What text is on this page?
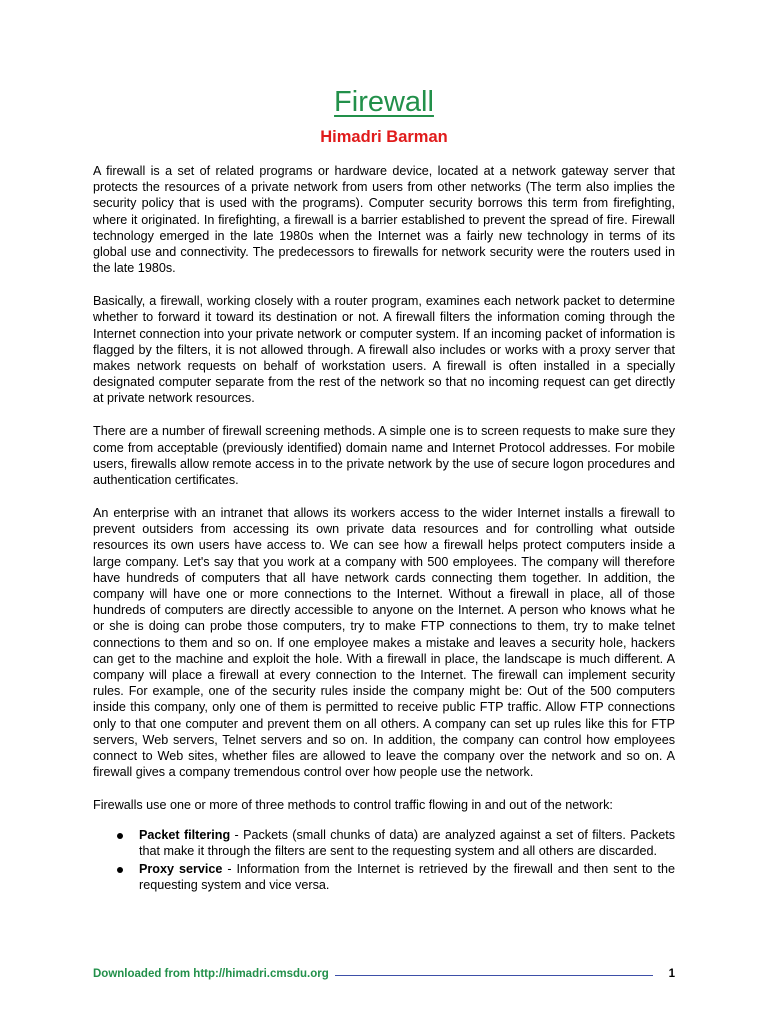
Firewall
Himadri Barman

A firewall is a set of related programs or hardware device, located at a network gateway server that protects the resources of a private network from users from other networks (The term also implies the security policy that is used with the programs). Computer security borrows this term from firefighting, where it originated. In firefighting, a firewall is a barrier established to prevent the spread of fire. Firewall technology emerged in the late 1980s when the Internet was a fairly new technology in terms of its global use and connectivity. The predecessors to firewalls for network security were the routers used in the late 1980s.

Basically, a firewall, working closely with a router program, examines each network packet to determine whether to forward it toward its destination or not. A firewall filters the information coming through the Internet connection into your private network or computer system. If an incoming packet of information is flagged by the filters, it is not allowed through. A firewall also includes or works with a proxy server that makes network requests on behalf of workstation users. A firewall is often installed in a specially designated computer separate from the rest of the network so that no incoming request can get directly at private network resources.

There are a number of firewall screening methods. A simple one is to screen requests to make sure they come from acceptable (previously identified) domain name and Internet Protocol addresses. For mobile users, firewalls allow remote access in to the private network by the use of secure logon procedures and authentication certificates.

An enterprise with an intranet that allows its workers access to the wider Internet installs a firewall to prevent outsiders from accessing its own private data resources and for controlling what outside resources its own users have access to. We can see how a firewall helps protect computers inside a large company. Let's say that you work at a company with 500 employees. The company will therefore have hundreds of computers that all have network cards connecting them together. In addition, the company will have one or more connections to the Internet. Without a firewall in place, all of those hundreds of computers are directly accessible to anyone on the Internet. A person who knows what he or she is doing can probe those computers, try to make FTP connections to them, try to make telnet connections to them and so on. If one employee makes a mistake and leaves a security hole, hackers can get to the machine and exploit the hole. With a firewall in place, the landscape is much different. A company will place a firewall at every connection to the Internet. The firewall can implement security rules. For example, one of the security rules inside the company might be: Out of the 500 computers inside this company, only one of them is permitted to receive public FTP traffic. Allow FTP connections only to that one computer and prevent them on all others. A company can set up rules like this for FTP servers, Web servers, Telnet servers and so on. In addition, the company can control how employees connect to Web sites, whether files are allowed to leave the company over the network and so on. A firewall gives a company tremendous control over how people use the network.

Firewalls use one or more of three methods to control traffic flowing in and out of the network:

Packet filtering - Packets (small chunks of data) are analyzed against a set of filters. Packets that make it through the filters are sent to the requesting system and all others are discarded.
Proxy service - Information from the Internet is retrieved by the firewall and then sent to the requesting system and vice versa.
Downloaded from http://himadri.cmsdu.org	1
